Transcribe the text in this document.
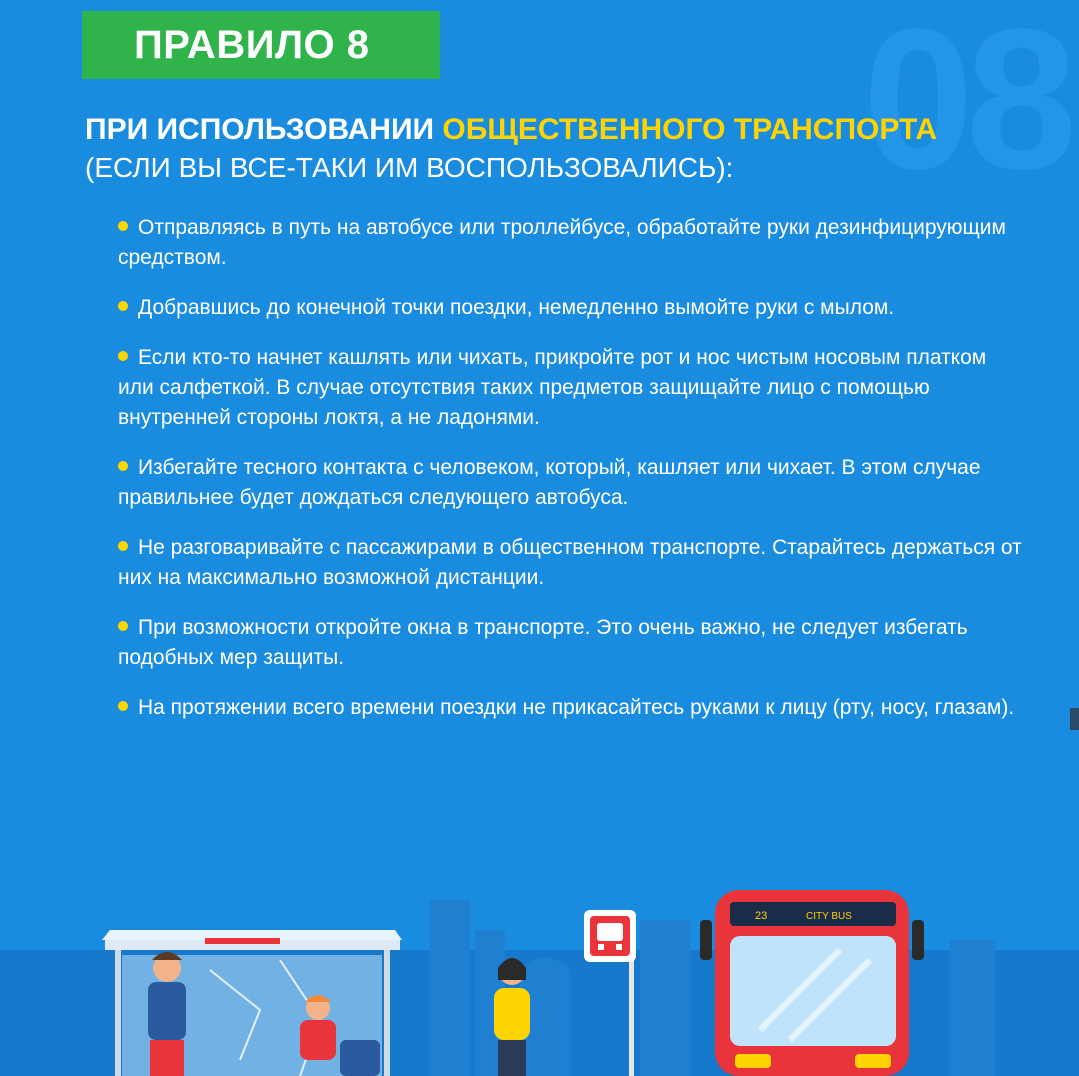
08
ПРАВИЛО 8
ПРИ ИСПОЛЬЗОВАНИИ ОБЩЕСТВЕННОГО ТРАНСПОРТА
(ЕСЛИ ВЫ ВСЕ-ТАКИ ИМ ВОСПОЛЬЗОВАЛИСЬ):
Отправляясь в путь на автобусе или троллейбусе, обработайте руки дезинфицирующим средством.
Добравшись до конечной точки поездки, немедленно вымойте руки с мылом.
Если кто-то начнет кашлять или чихать, прикройте рот и нос чистым носовым платком или салфеткой. В случае отсутствия таких предметов защищайте лицо с помощью внутренней стороны локтя, а не ладонями.
Избегайте тесного контакта с человеком, который, кашляет или чихает. В этом случае правильнее будет дождаться следующего автобуса.
Не разговаривайте с пассажирами в общественном транспорте. Старайтесь держаться от них на максимально возможной дистанции.
При возможности откройте окна в транспорте. Это очень важно, не следует избегать подобных мер защиты.
На протяжении всего времени поездки не прикасайтесь руками к лицу (рту, носу, глазам).
23	CITY BUS
